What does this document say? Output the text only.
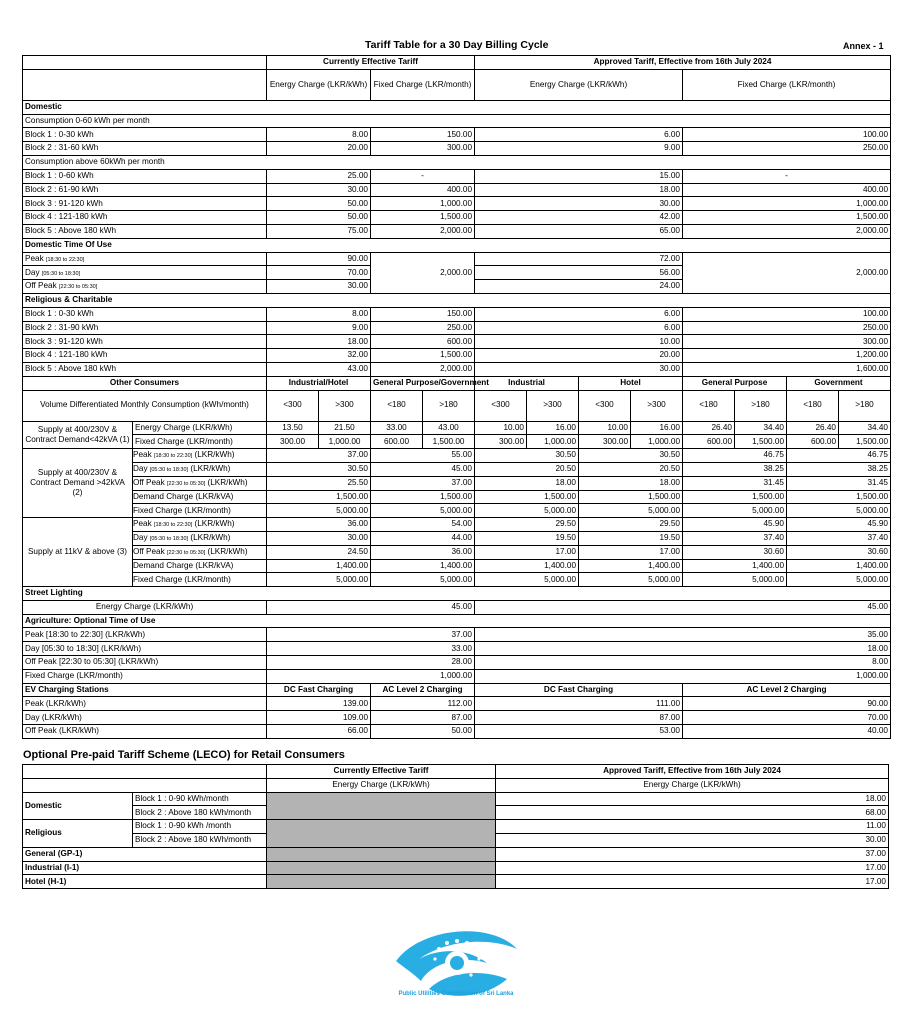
Tariff Table for a 30 Day Billing Cycle	Annex - 1
		Currently Effective Tariff				Approved Tariff, Effective from 16th July 2024							
		Energy Charge (LKR/kWh)		Fixed Charge (LKR/month)		Energy Charge (LKR/kWh)				Fixed Charge (LKR/month)			
Domestic													
Consumption 0-60 kWh per month													
Block 1 : 0-30 kWh		8.00		150.00		6.00				100.00			
Block 2 : 31-60 kWh		20.00		300.00		9.00				250.00			
Consumption above 60kWh per month													
Block 1 : 0-60 kWh		25.00		-		15.00				-			
Block 2 : 61-90 kWh		30.00		400.00		18.00				400.00			
Block 3 : 91-120 kWh		50.00		1,000.00		30.00				1,000.00			
Block 4 : 121-180 kWh		50.00		1,500.00		42.00				1,500.00			
Block 5 : Above 180 kWh		75.00		2,000.00		65.00				2,000.00			
Domestic Time Of Use													
Peak [18:30 to 22:30]		90.00		2,000.00		72.00				2,000.00			
Day [05:30 to 18:30]		70.00				56.00							
Off Peak [22:30 to 05:30]		30.00				24.00							
Religious & Charitable													
Block 1 : 0-30 kWh		8.00		150.00		6.00				100.00			
Block 2 : 31-90 kWh		9.00		250.00		6.00				250.00			
Block 3 : 91-120 kWh		18.00		600.00		10.00				300.00			
Block 4 : 121-180 kWh		32.00		1,500.00		20.00				1,200.00			
Block 5 : Above 180 kWh		43.00		2,000.00		30.00				1,600.00			
Other Consumers		Industrial/Hotel		General Purpose/Government		Industrial		Hotel		General Purpose		Government	
Volume Differentiated Monthly Consumption (kWh/month)		<300	>300	<180	>180	<300	>300	<300	>300	<180	>180	<180	>180
Supply at 400/230V & Contract Demand<42kVA (1)	Energy Charge (LKR/kWh)	13.50	21.50	33.00	43.00	10.00	16.00	10.00	16.00	26.40	34.40	26.40	34.40
	Fixed Charge (LKR/month)	300.00	1,000.00	600.00	1,500.00	300.00	1,000.00	300.00	1,000.00	600.00	1,500.00	600.00	1,500.00
Supply at 400/230V & Contract Demand >42kVA (2)	Peak [18:30 to 22:30] (LKR/kWh)	37.00		55.00		30.50		30.50		46.75		46.75	
	Day [05:30 to 18:30] (LKR/kWh)	30.50		45.00		20.50		20.50		38.25		38.25	
	Off Peak [22:30 to 05:30] (LKR/kWh)	25.50		37.00		18.00		18.00		31.45		31.45	
	Demand Charge (LKR/kVA)	1,500.00		1,500.00		1,500.00		1,500.00		1,500.00		1,500.00	
	Fixed Charge (LKR/month)	5,000.00		5,000.00		5,000.00		5,000.00		5,000.00		5,000.00	
Supply at 11kV & above (3)	Peak [18:30 to 22:30] (LKR/kWh)	36.00		54.00		29.50		29.50		45.90		45.90	
	Day [05:30 to 18:30] (LKR/kWh)	30.00		44.00		19.50		19.50		37.40		37.40	
	Off Peak [22:30 to 05:30] (LKR/kWh)	24.50		36.00		17.00		17.00		30.60		30.60	
	Demand Charge (LKR/kVA)	1,400.00		1,400.00		1,400.00		1,400.00		1,400.00		1,400.00	
	Fixed Charge (LKR/month)	5,000.00		5,000.00		5,000.00		5,000.00		5,000.00		5,000.00	
Street Lighting													
Energy Charge (LKR/kWh)		45.00				45.00							
Agriculture: Optional Time of Use													
Peak [18:30 to 22:30] (LKR/kWh)		37.00				35.00							
Day [05:30 to 18:30] (LKR/kWh)		33.00				18.00							
Off Peak [22:30 to 05:30] (LKR/kWh)		28.00				8.00							
Fixed Charge (LKR/month)		1,000.00				1,000.00							
EV Charging Stations		DC Fast Charging		AC Level 2 Charging		DC Fast Charging				AC Level 2 Charging			
Peak (LKR/kWh)		139.00		112.00		111.00				90.00			
Day (LKR/kWh)		109.00		87.00		87.00				70.00			
Off Peak (LKR/kWh)		66.00		50.00		53.00				40.00			
Optional Pre-paid Tariff Scheme (LECO) for Retail Consumers
		Currently Effective Tariff	Approved Tariff, Effective from 16th July 2024
		Energy Charge (LKR/kWh)	Energy Charge (LKR/kWh)
Domestic	Block 1 : 0-90 kWh/month		18.00
	Block 2 : Above 180 kWh/month		68.00
Religious	Block 1 : 0-90 kWh /month		11.00
	Block 2 : Above 180 kWh/month		30.00
General (GP-1)			37.00
Industrial (I-1)			17.00
Hotel (H-1)			17.00
Public Utilities Commission of Sri Lanka
